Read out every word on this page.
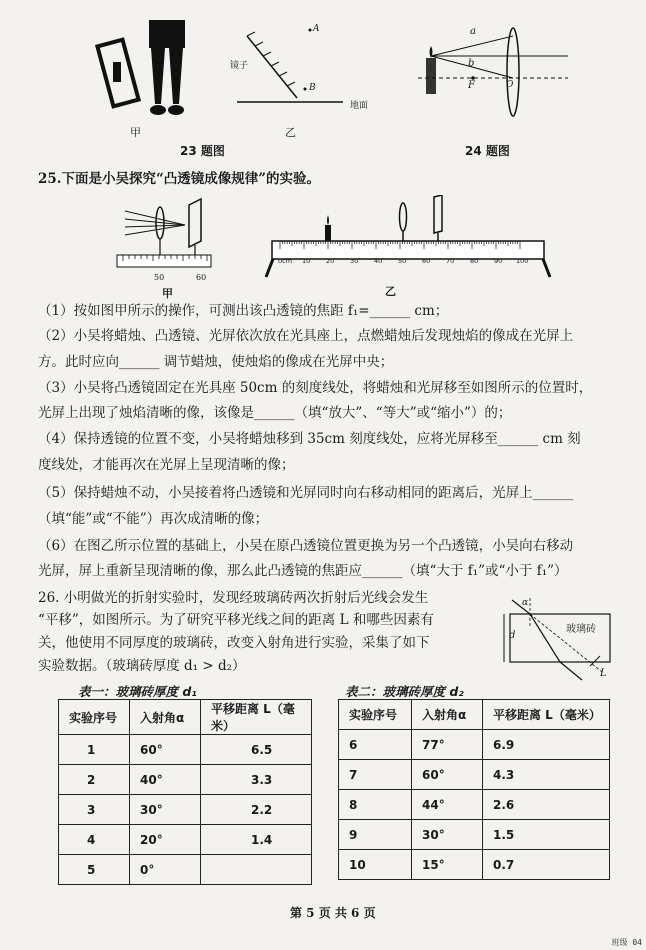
甲
A
镜子
B
地面
乙
23 题图
a
b
F	O
24 题图
25.下面是小吴探究“凸透镜成像规律”的实验。
50	60
甲
0cm 10 20 30 40 50 60 70 80 90 100
乙
（1）按如图甲所示的操作，可测出该凸透镜的焦距 f₁=______ cm；
（2）小吴将蜡烛、凸透镜、光屏依次放在光具座上，点燃蜡烛后发现烛焰的像成在光屏上
方。此时应向______ 调节蜡烛，使烛焰的像成在光屏中央；
（3）小吴将凸透镜固定在光具座 50cm 的刻度线处，将蜡烛和光屏移至如图所示的位置时，
光屏上出现了烛焰清晰的像，该像是______（填“放大”、“等大”或“缩小”）的；
（4）保持透镜的位置不变，小吴将蜡烛移到 35cm 刻度线处，应将光屏移至______ cm 刻
度线处，才能再次在光屏上呈现清晰的像；
（5）保持蜡烛不动，小吴接着将凸透镜和光屏同时向右移动相同的距离后，光屏上______
（填“能”或“不能”）再次成清晰的像；
（6）在图乙所示位置的基础上，小吴在原凸透镜位置更换为另一个凸透镜，小吴向右移动
光屏，屏上重新呈现清晰的像，那么此凸透镜的焦距应______（填“大于 f₁”或“小于 f₁”）
26. 小明做光的折射实验时，发现经玻璃砖两次折射后光线会发生
“平移”，如图所示。为了研究平移光线之间的距离 L 和哪些因素有
关，他使用不同厚度的玻璃砖，改变入射角进行实验，采集了如下
实验数据。（玻璃砖厚度 d₁ > d₂）
α
玻璃砖
d
L
表一：玻璃砖厚度 d₁
实验序号	入射角α	平移距离 L（毫米）
1	60°	6.5
2	40°	3.3
3	30°	2.2
4	20°	1.4
5	0°	
表二：玻璃砖厚度 d₂
实验序号	入射角α	平移距离 L（毫米）
6	77°	6.9
7	60°	4.3
8	44°	2.6
9	30°	1.5
10	15°	0.7
第 5 页 共 6 页
班级 04
